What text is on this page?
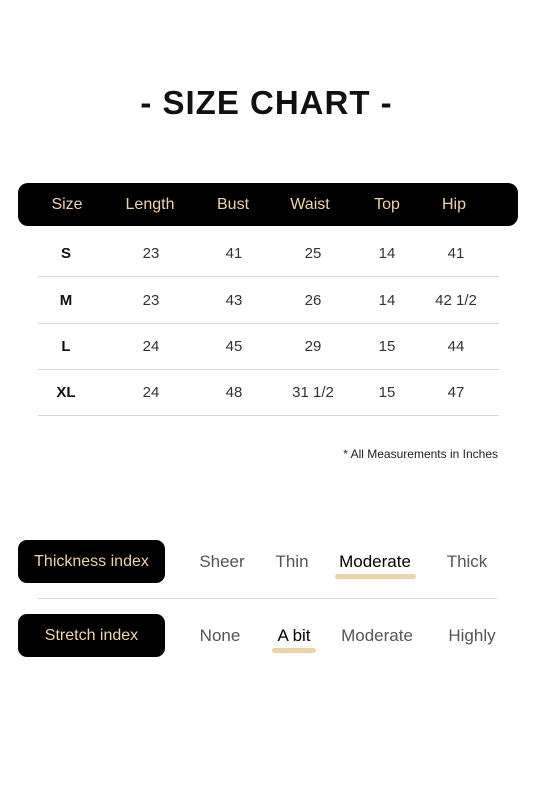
- SIZE CHART -
Size	Length	Bust	Waist	Top	Hip
S	23	41	25	14	41
M	23	43	26	14	42 1/2
L	24	45	29	15	44
XL	24	48	31 1/2	15	47
* All Measurements in Inches
Thickness index	Sheer Thin Moderate Thick
Stretch index	None A bit Moderate Highly
